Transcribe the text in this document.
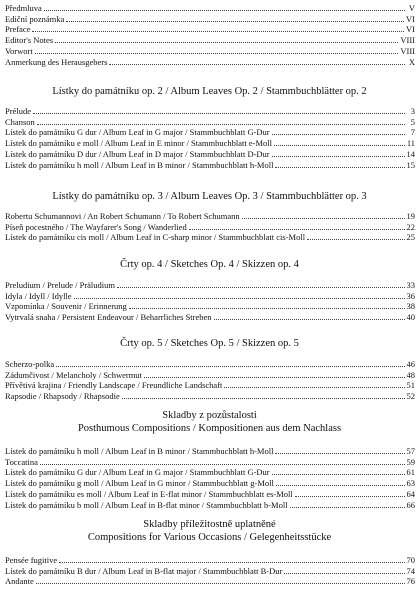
Předmluva	V
Ediční poznámka	VI
Preface	VI
Editor's Notes	VIII
Vorwort	VIII
Anmerkung des Herausgebers	X
Lístky do památníku op. 2 / Album Leaves Op. 2 / Stammbuchblätter op. 2
Prélude	3
Chanson	5
Lístek do památníku G dur / Album Leaf in G major / Stammbuchblatt G-Dur	7
Lístek do památníku e moll / Album Leaf in E minor / Stammbuchblatt e-Moll	11
Lístek do památníku D dur / Album Leaf in D major / Stammbuchblatt D-Dur	14
Lístek do památníku h moll / Album Leaf in B minor / Stammbuchblatt h-Moll	15
Lístky do památníku op. 3 / Album Leaves Op. 3 / Stammbuchblätter op. 3
Robertu Schumannovi / An Robert Schumann / To Robert Schumann	19
Píseň pocestného / The Wayfarer's Song / Wanderlied	22
Lístek do památníku cis moll / Album Leaf in C-sharp minor / Stammbuchblatt cis-Moll	25
Črty op. 4 / Sketches Op. 4 / Skizzen op. 4
Preludium / Prelude / Präludium	33
Idyla / Idyll / Idylle	36
Vzpomínka / Souvenir / Erinnerung	38
Vytrvalá snaha / Persistent Endeavour / Beharrliches Streben	40
Črty op. 5 / Sketches Op. 5 / Skizzen op. 5
Scherzo-polka	46
Zádumčivost / Melancholy / Schwermut	48
Přívětivá krajina / Friendly Landscape / Freundliche Landschaft	51
Rapsodie / Rhapsody / Rhapsodie	52
Skladby z pozůstalosti
Posthumous Compositions / Kompositionen aus dem Nachlass
Lístek do památníku h moll / Album Leaf in B minor / Stammbuchblatt h-Moll	57
Toccatina	59
Lístek do památníku G dur / Album Leaf in G major / Stammbuchblatt G-Dur	61
Lístek do památníku g moll / Album Leaf in G minor / Stammbuchblatt g-Moll	63
Lístek do památníku es moll / Album Leaf in E-flat minor / Stammbuchblatt es-Moll	64
Lístek do památníku b moll / Album Leaf in B-flat minor / Stammbuchblatt b-Moll	66
Skladby příležitostně uplatněné
Compositions for Various Occasions / Gelegenheitsstücke
Pensée fugitive	70
Lístek do památníku B dur / Album Leaf in B-flat major / Stammbuchblatt B-Dur	74
Andante	76
